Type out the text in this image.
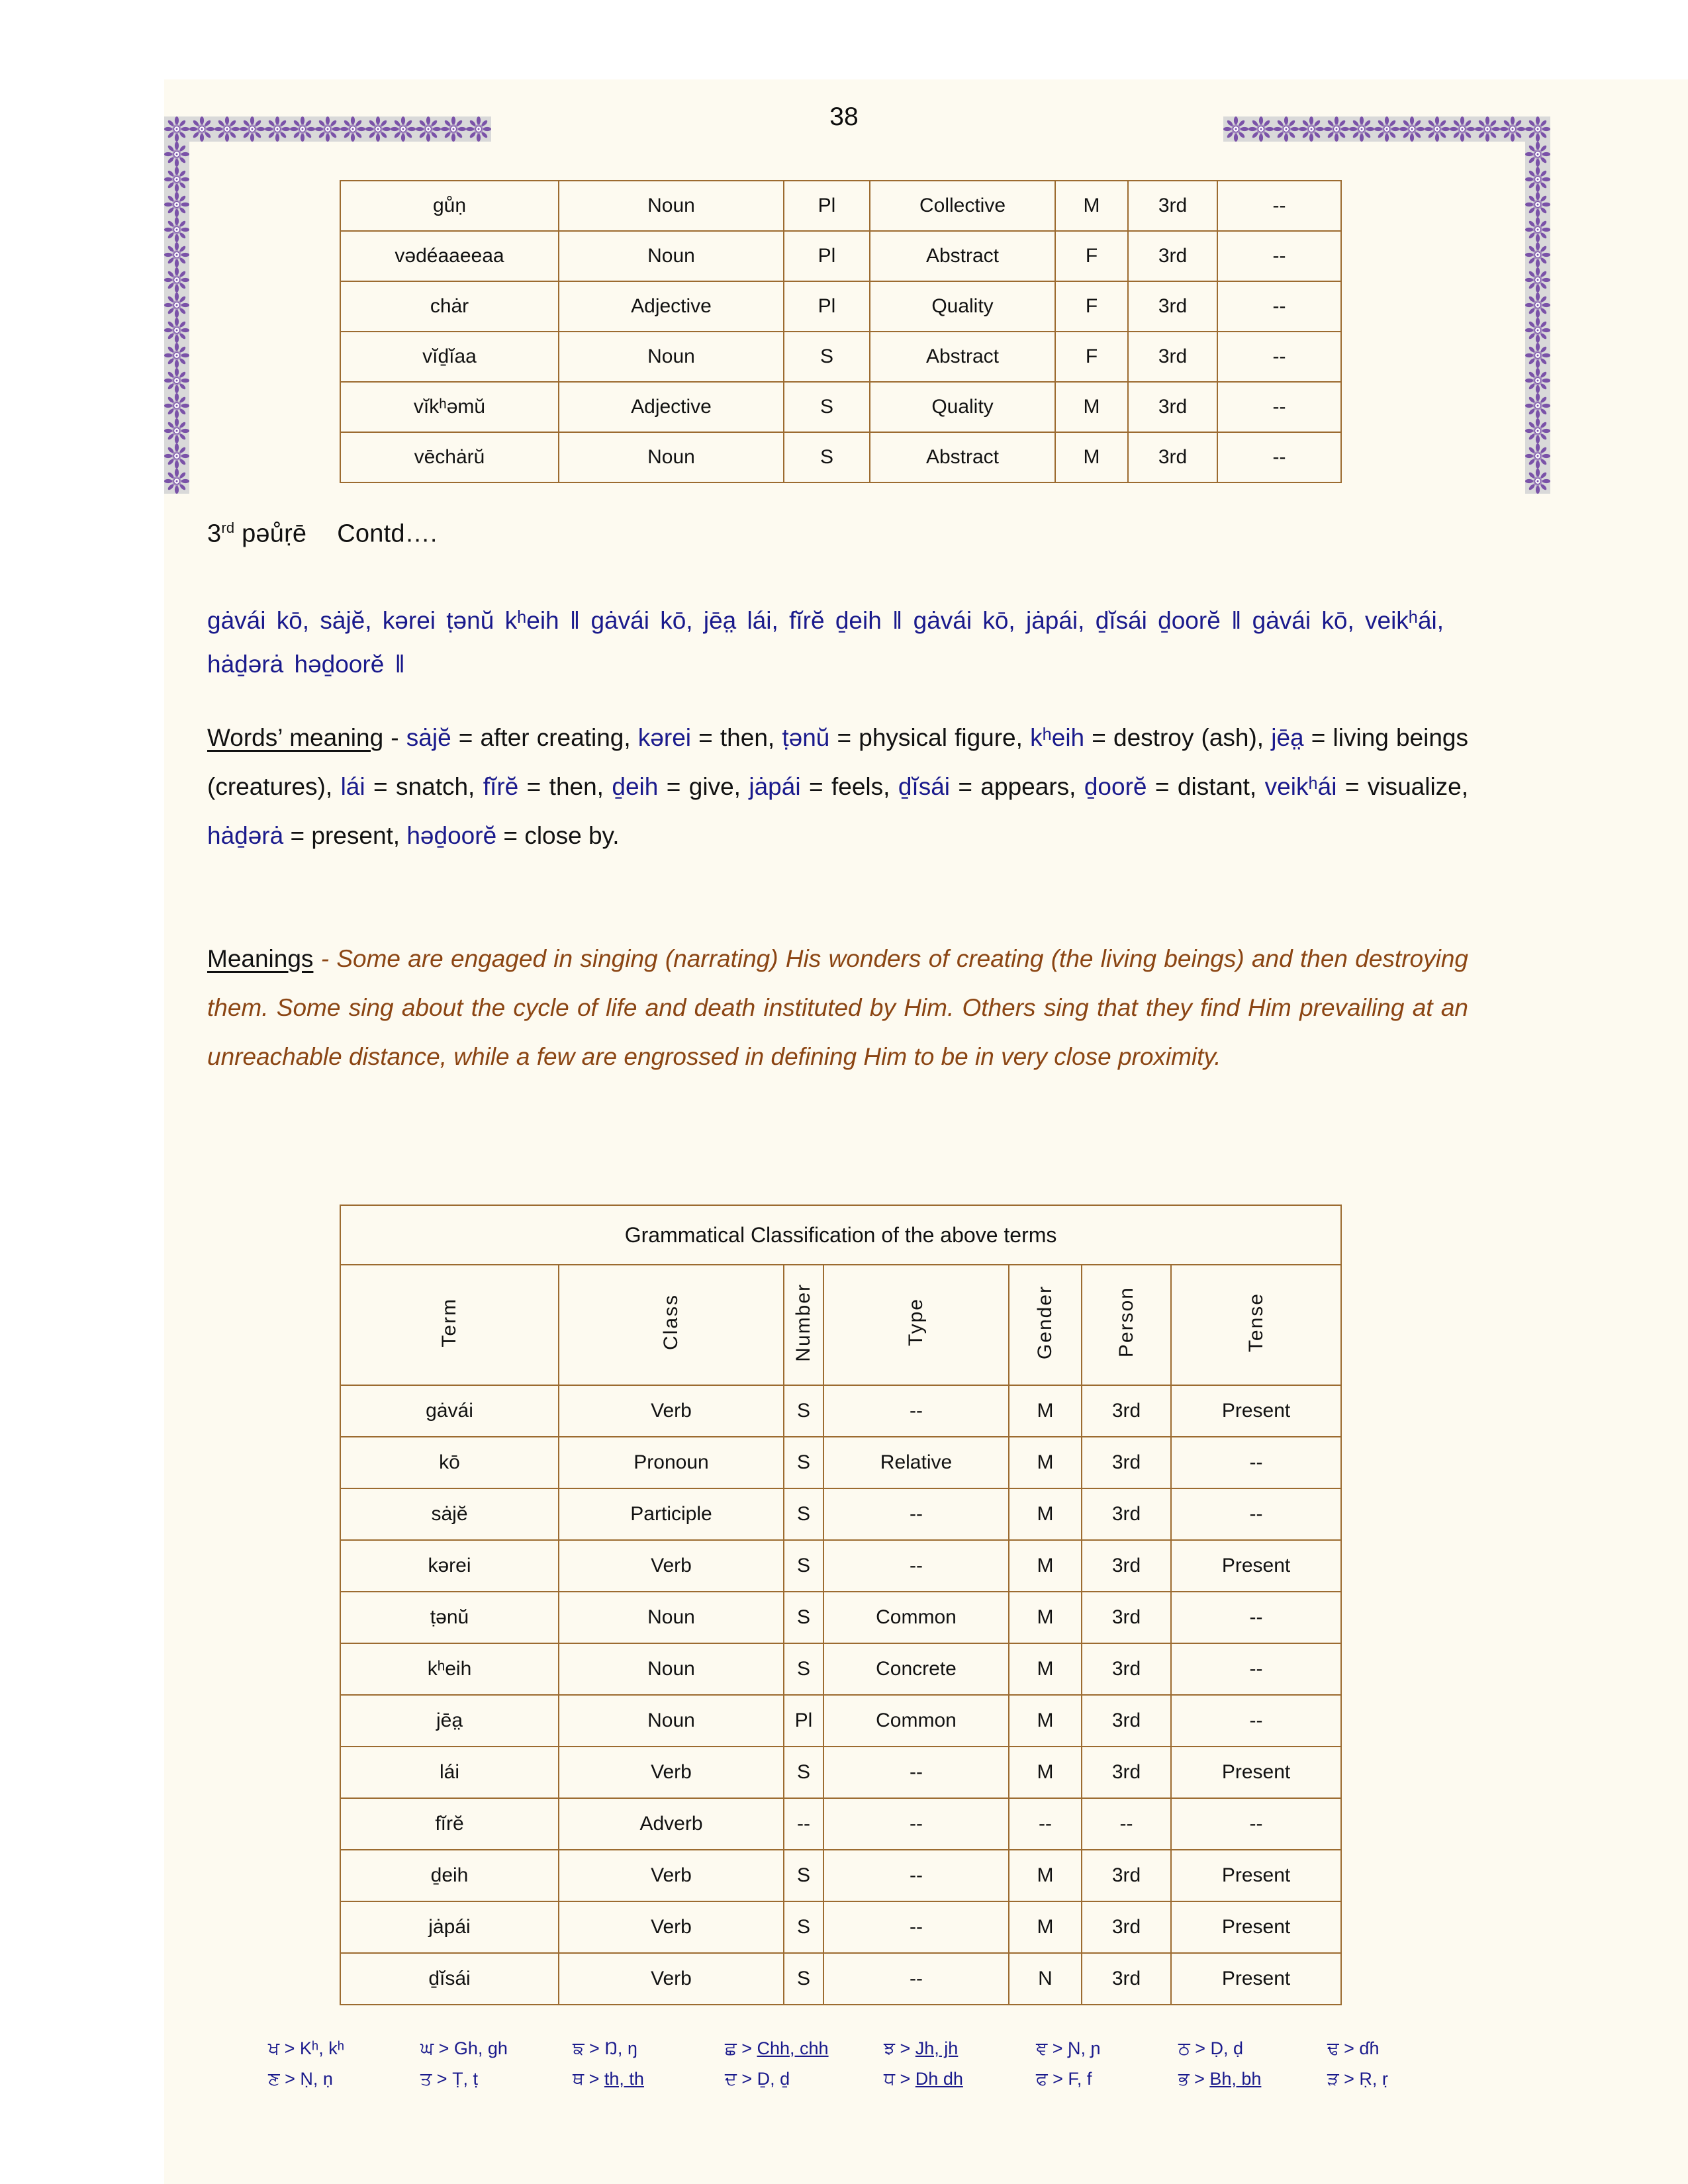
38
gůṇ	Noun	Pl	Collective	M	3rd	--
vədéaaeeaa	Noun	Pl	Abstract	F	3rd	--
chȧr	Adjective	Pl	Quality	F	3rd	--
vĭḏĭaa	Noun	S	Abstract	F	3rd	--
vĭkʰəmŭ	Adjective	S	Quality	M	3rd	--
vēchȧrŭ	Noun	S	Abstract	M	3rd	--
3rd pəůṛē Contd….
gȧvái kō, sȧjĕ, kərei ṭənŭ kʰeih ǁ gȧvái kō, jēa̤ lái, fĭrĕ ḏeih ǁ gȧvái kō, jȧpái, ḏĭsái ḏoorĕ ǁ gȧvái kō, veikʰái, hȧḏərȧ həḏoorĕ ǁ
Words’ meaning - sȧjĕ = after creating, kərei = then, ṭənŭ = physical figure, kʰeih = destroy (ash), jēa̤ = living beings (creatures), lái = snatch, fĭrĕ = then, ḏeih = give, jȧpái = feels, ḏĭsái = appears, ḏoorĕ = distant, veikʰái = visualize, hȧḏərȧ = present, həḏoorĕ = close by.
Meanings - Some are engaged in singing (narrating) His wonders of creating (the living beings) and then destroying them. Some sing about the cycle of life and death instituted by Him. Others sing that they find Him prevailing at an unreachable distance, while a few are engrossed in defining Him to be in very close proximity.
Grammatical Classification of the above terms						
Term	Class	Number	Type	Gender	Person	Tense
gȧvái	Verb	S	--	M	3rd	Present
kō	Pronoun	S	Relative	M	3rd	--
sȧjĕ	Participle	S	--	M	3rd	--
kərei	Verb	S	--	M	3rd	Present
ṭənŭ	Noun	S	Common	M	3rd	--
kʰeih	Noun	S	Concrete	M	3rd	--
jēa̤	Noun	Pl	Common	M	3rd	--
lái	Verb	S	--	M	3rd	Present
fĭrĕ	Adverb	--	--	--	--	--
ḏeih	Verb	S	--	M	3rd	Present
jȧpái	Verb	S	--	M	3rd	Present
ḏĭsái	Verb	S	--	N	3rd	Present
ਖ > Kʰ, kʰ	ਘ > Gh, gh	ਙ > Ŋ, ŋ	ਛ > Chh, chh	ਝ > Jh, jh	ਞ > Ɲ, ɲ	ਠ > Ḍ, ḍ	ਢ > ɗɦ
ਣ > Ṇ, ṇ	ਤ > Ṭ, ṭ	ਥ > th, th	ਦ > Ḏ, ḏ	ਧ > Dh dh	ਫ > F, f	ਭ > Bh, bh	ੜ > Ṛ, ṛ
